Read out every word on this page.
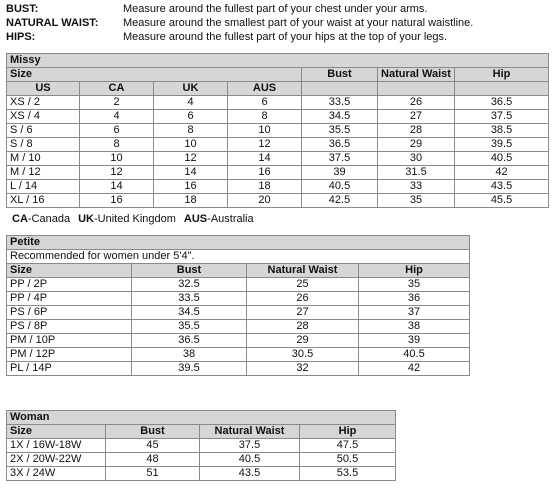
BUST:	Measure around the fullest part of your chest under your arms.
NATURAL WAIST:	Measure around the smallest part of your waist at your natural waistline.
HIPS:	Measure around the fullest part of your hips at the top of your legs.
Missy						
Size				Bust	Natural Waist	Hip
US	CA	UK	AUS			
XS / 2	2	4	6	33.5	26	36.5
XS / 4	4	6	8	34.5	27	37.5
S / 6	6	8	10	35.5	28	38.5
S / 8	8	10	12	36.5	29	39.5
M / 10	10	12	14	37.5	30	40.5
M / 12	12	14	16	39	31.5	42
L / 14	14	16	18	40.5	33	43.5
XL / 16	16	18	20	42.5	35	45.5
CA-Canada UK-United Kingdom AUS-Australia
Petite			
Recommended for women under 5'4".			
Size	Bust	Natural Waist	Hip
PP / 2P	32.5	25	35
PP / 4P	33.5	26	36
PS / 6P	34.5	27	37
PS / 8P	35.5	28	38
PM / 10P	36.5	29	39
PM / 12P	38	30.5	40.5
PL / 14P	39.5	32	42
Woman			
Size	Bust	Natural Waist	Hip
1X / 16W-18W	45	37.5	47.5
2X / 20W-22W	48	40.5	50.5
3X / 24W	51	43.5	53.5
